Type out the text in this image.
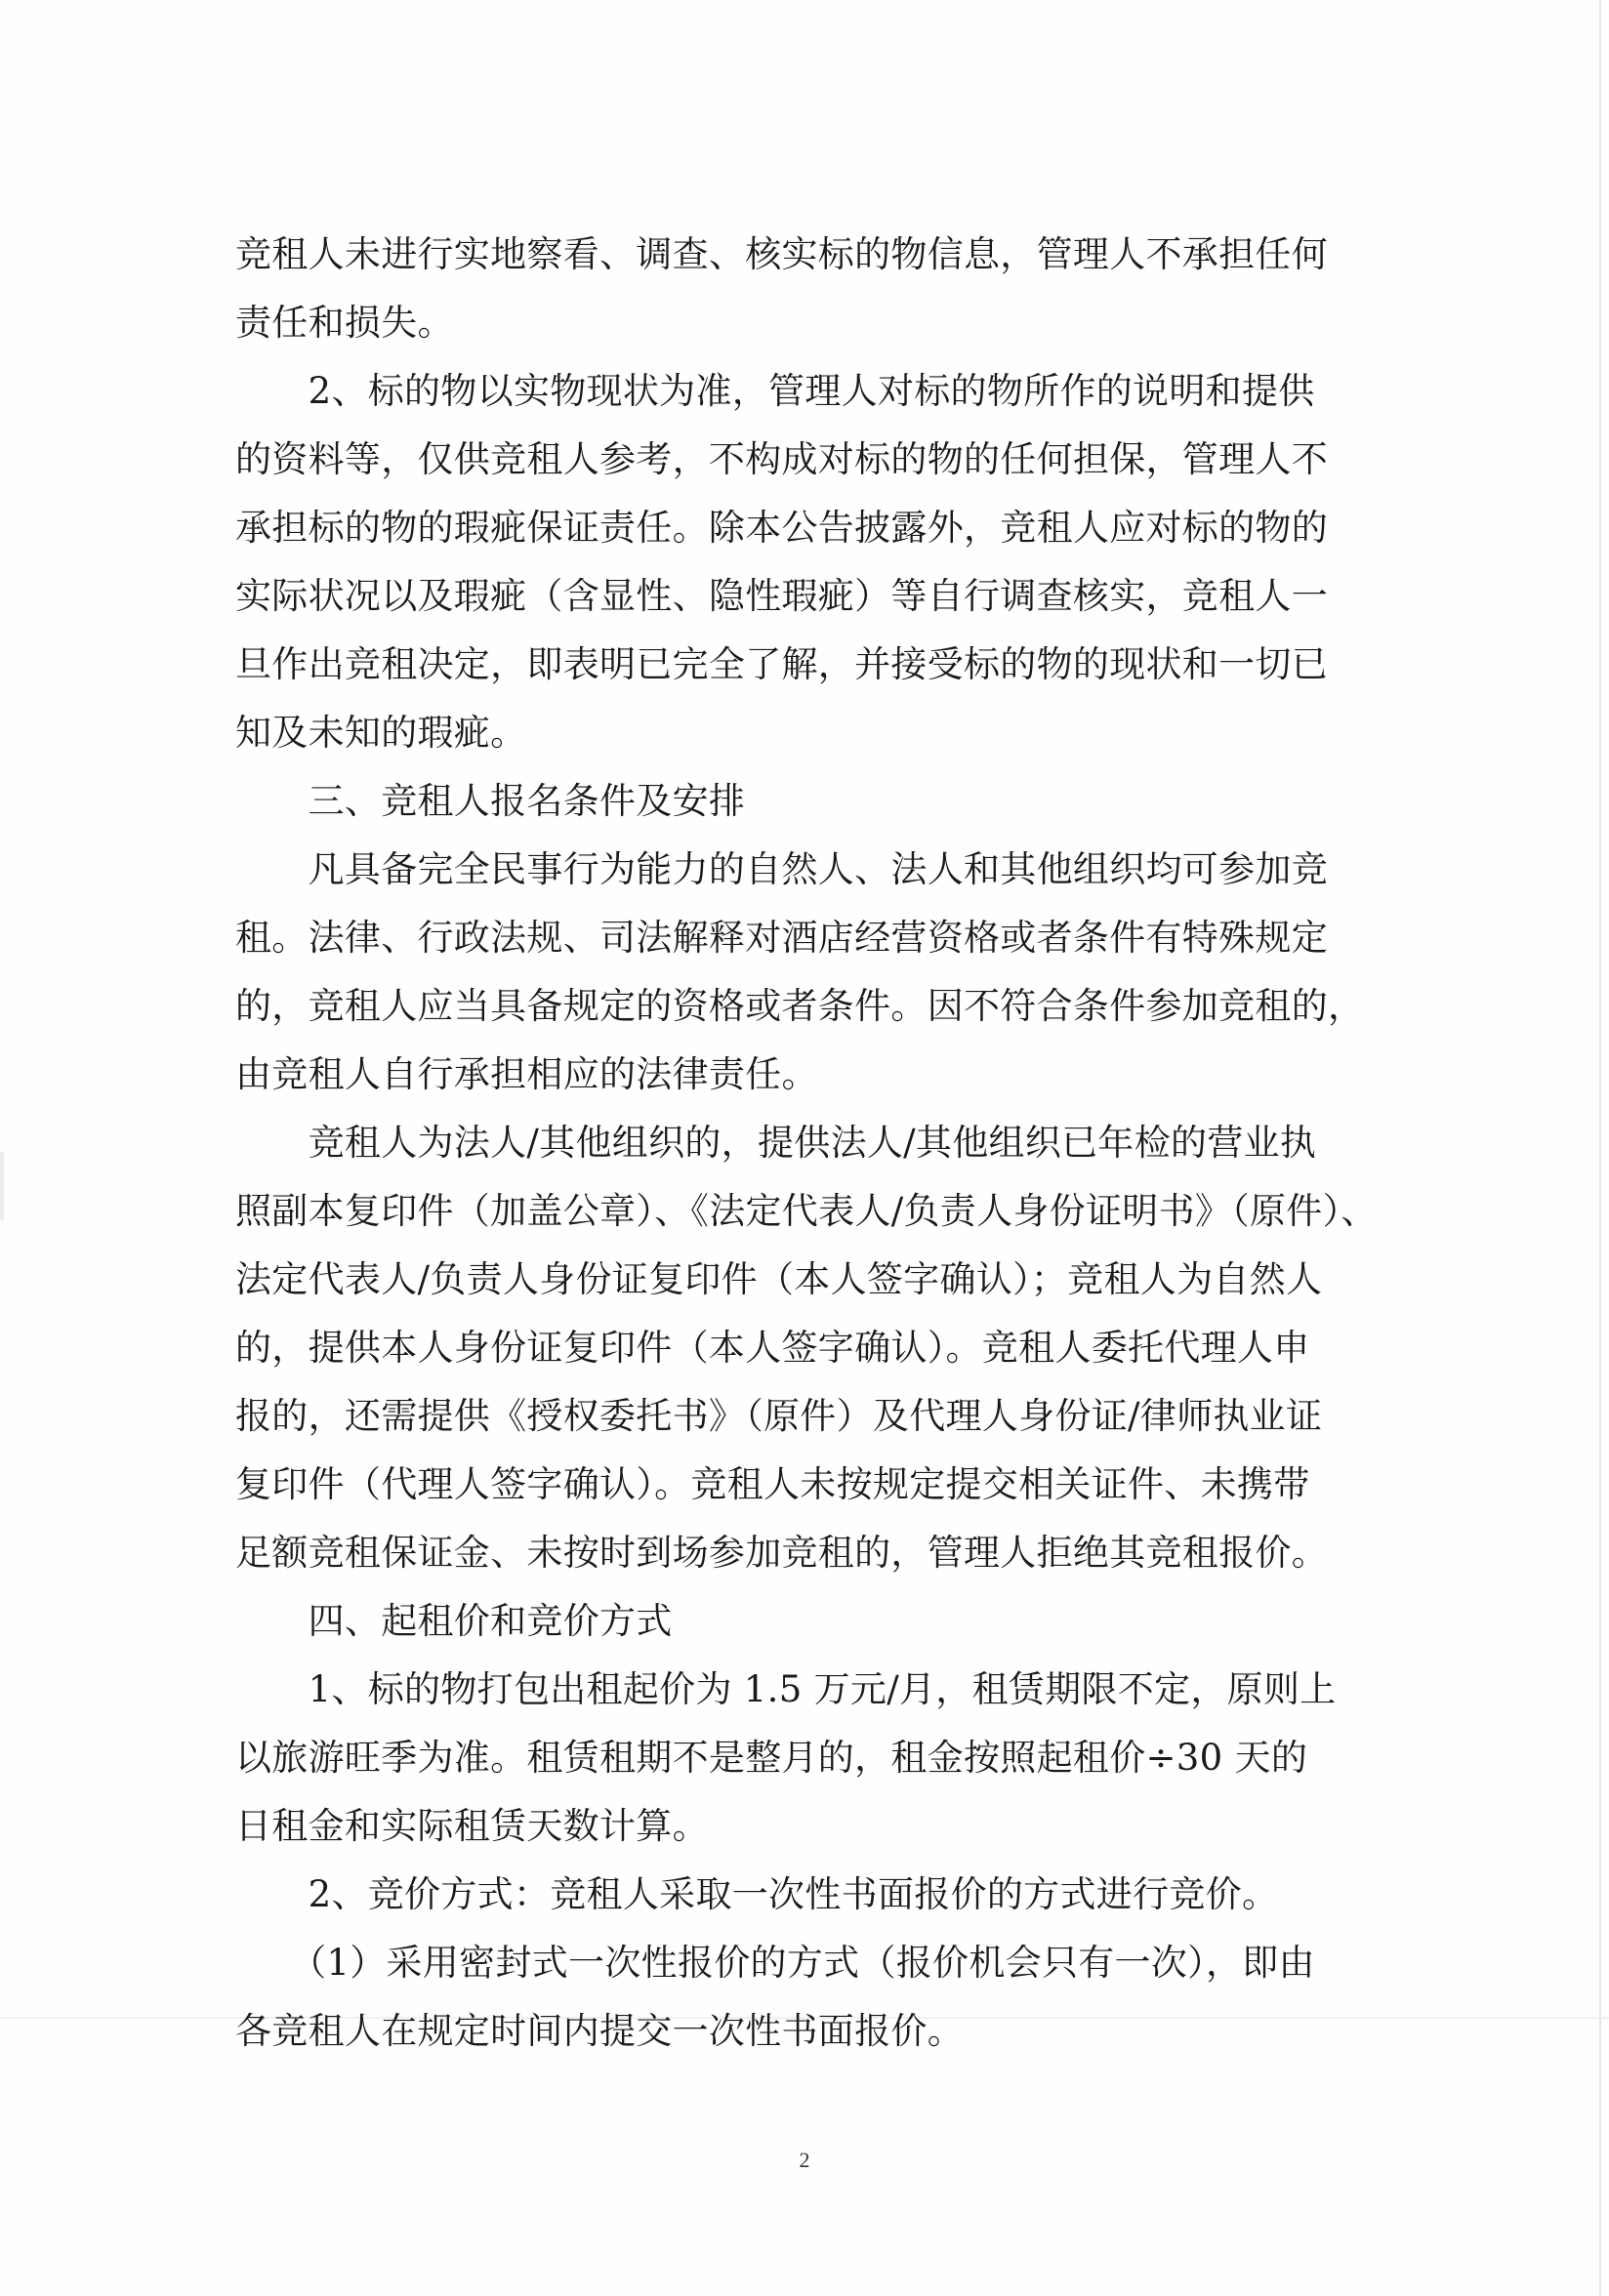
竞租人未进行实地察看、调查、核实标的物信息，管理人不承担任何
责任和损失。
　　2、标的物以实物现状为准，管理人对标的物所作的说明和提供
的资料等，仅供竞租人参考，不构成对标的物的任何担保，管理人不
承担标的物的瑕疵保证责任。除本公告披露外，竞租人应对标的物的
实际状况以及瑕疵（含显性、隐性瑕疵）等自行调查核实，竞租人一
旦作出竞租决定，即表明已完全了解，并接受标的物的现状和一切已
知及未知的瑕疵。
　　三、竞租人报名条件及安排
　　凡具备完全民事行为能力的自然人、法人和其他组织均可参加竞
租。法律、行政法规、司法解释对酒店经营资格或者条件有特殊规定
的，竞租人应当具备规定的资格或者条件。因不符合条件参加竞租的，
由竞租人自行承担相应的法律责任。
　　竞租人为法人/其他组织的，提供法人/其他组织已年检的营业执
照副本复印件（加盖公章）、《法定代表人/负责人身份证明书》（原件）、
法定代表人/负责人身份证复印件（本人签字确认）；竞租人为自然人
的，提供本人身份证复印件（本人签字确认）。竞租人委托代理人申
报的，还需提供《授权委托书》（原件）及代理人身份证/律师执业证
复印件（代理人签字确认）。竞租人未按规定提交相关证件、未携带
足额竞租保证金、未按时到场参加竞租的，管理人拒绝其竞租报价。
　　四、起租价和竞价方式
　　1、标的物打包出租起价为 1.5 万元/月，租赁期限不定，原则上
以旅游旺季为准。租赁租期不是整月的，租金按照起租价÷30 天的
日租金和实际租赁天数计算。
　　2、竞价方式：竞租人采取一次性书面报价的方式进行竞价。
　　（1）采用密封式一次性报价的方式（报价机会只有一次），即由
各竞租人在规定时间内提交一次性书面报价。
2
